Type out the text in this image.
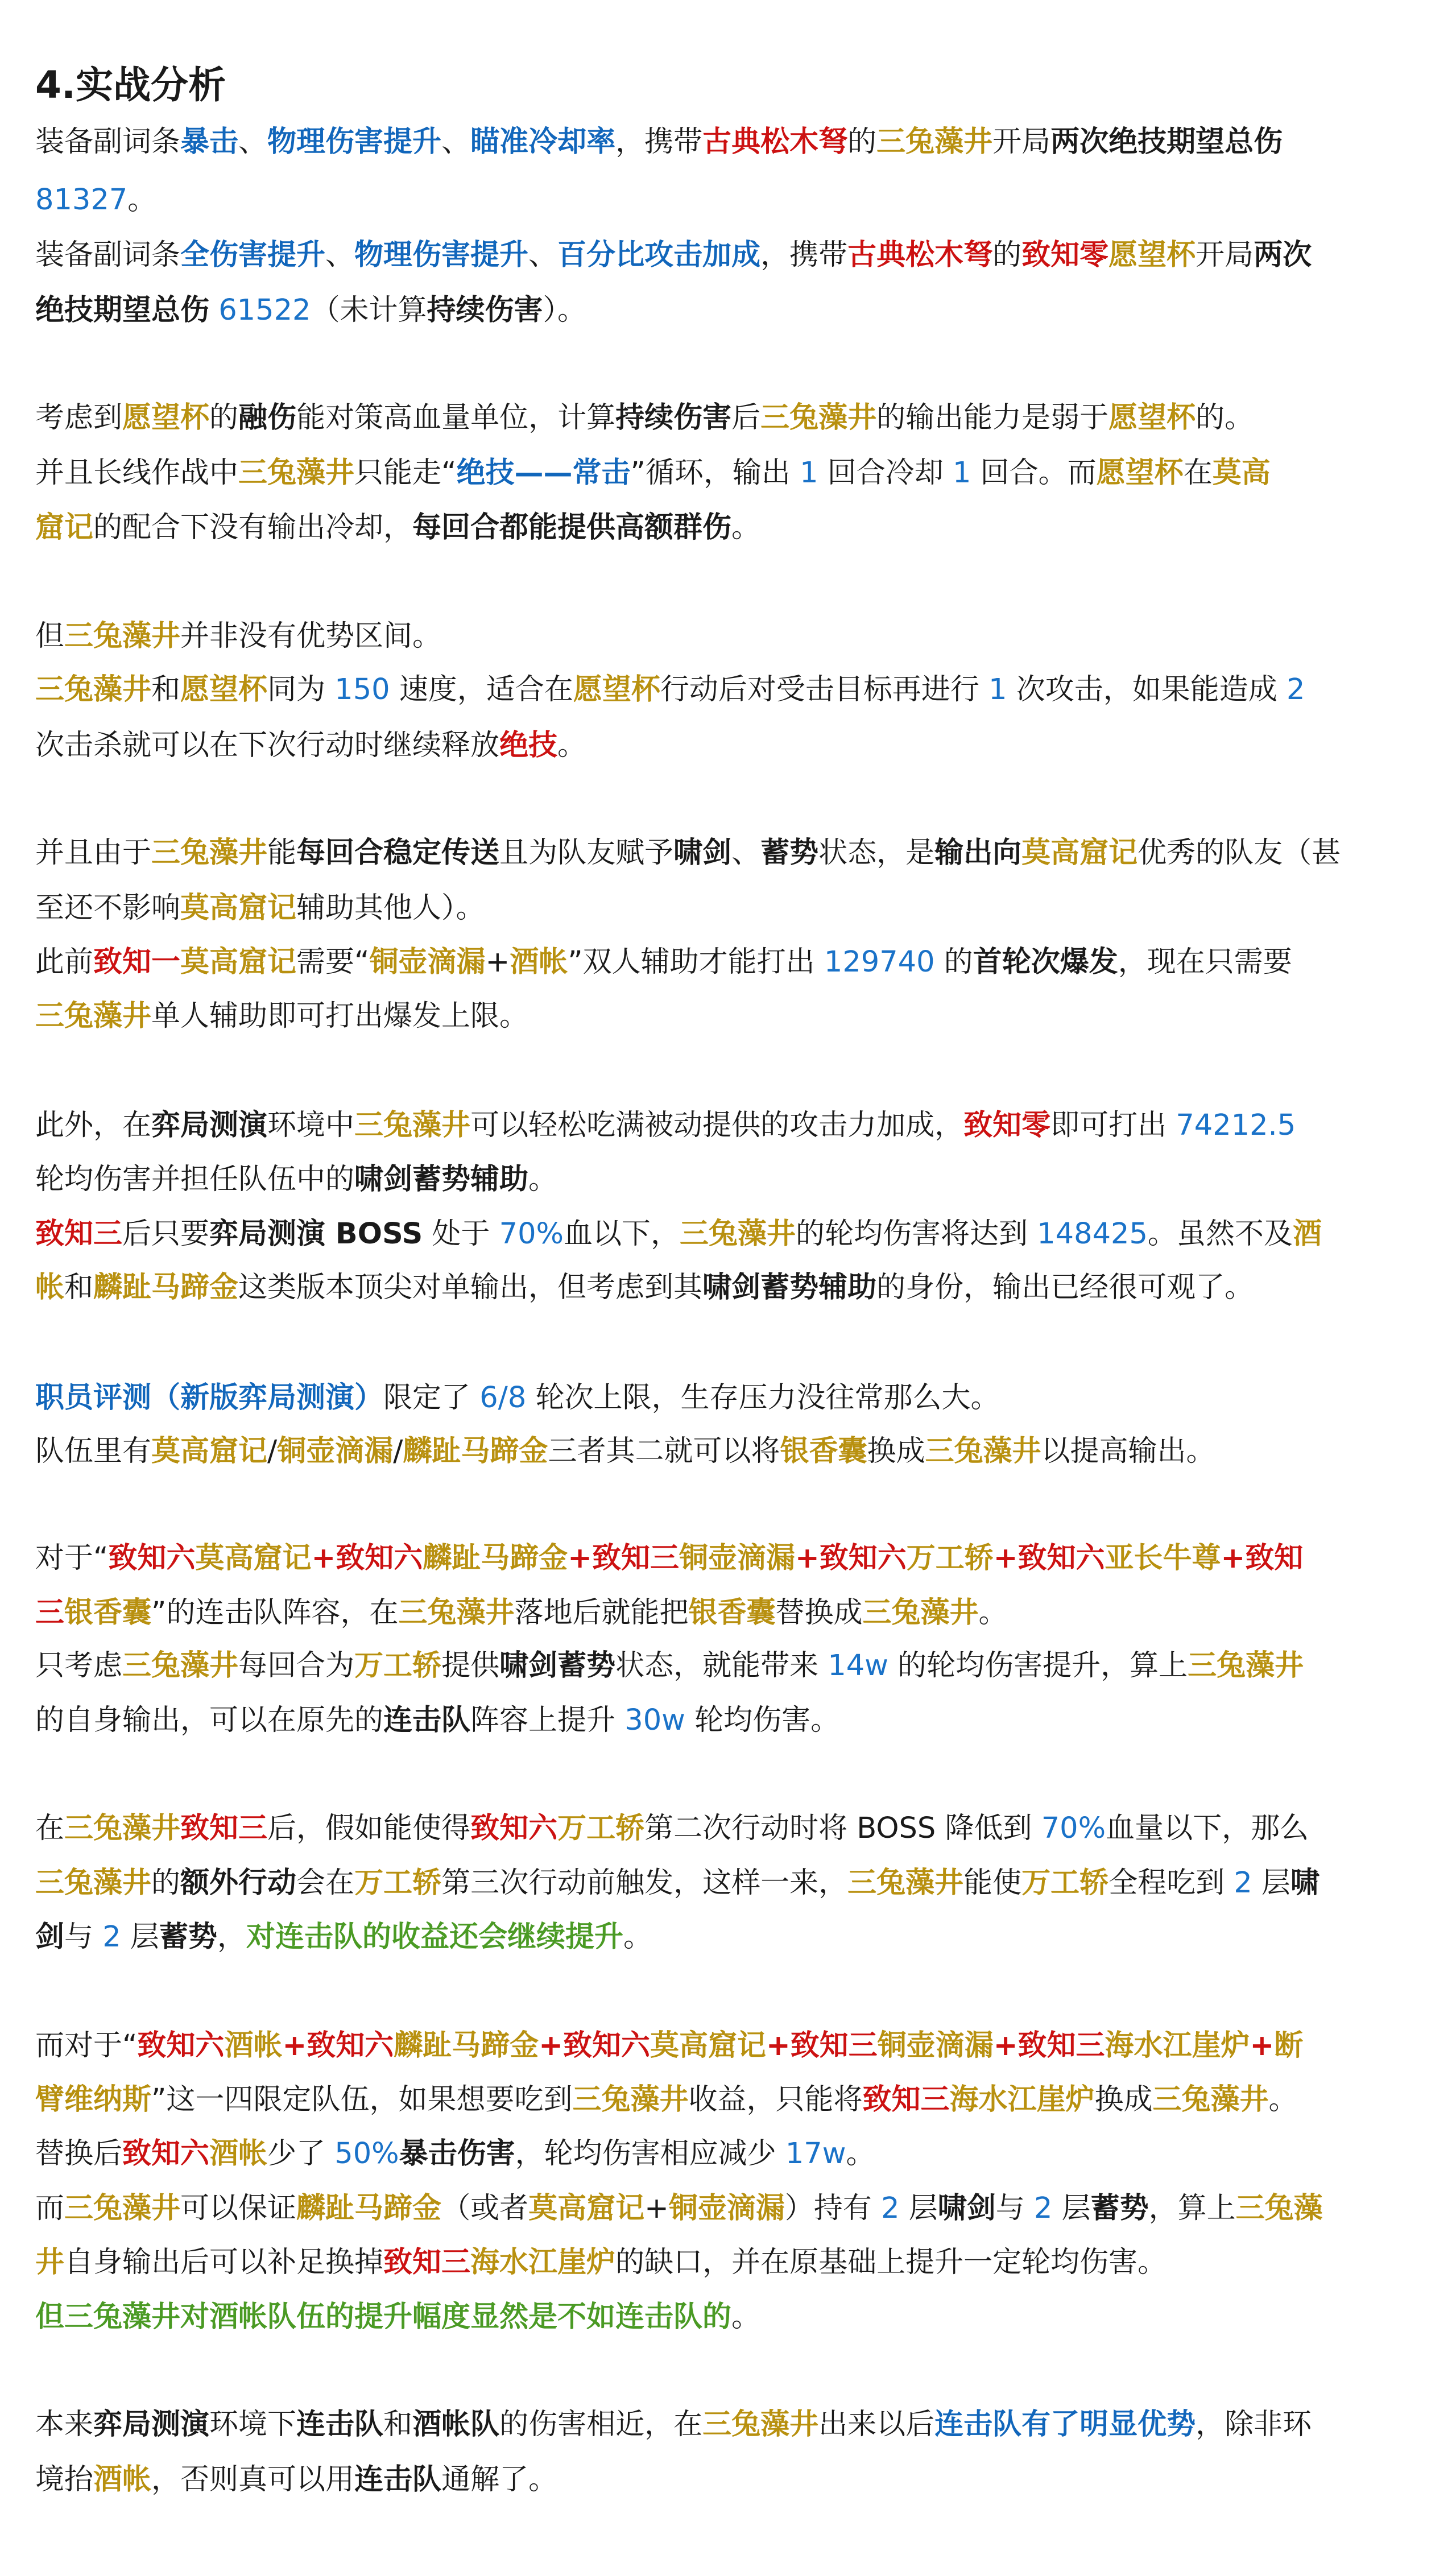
4.实战分析

装备副词条暴击、物理伤害提升、瞄准冷却率，携带古典松木弩的三兔藻井开局两次绝技期望总伤

81327。

装备副词条全伤害提升、物理伤害提升、百分比攻击加成，携带古典松木弩的致知零愿望杯开局两次

绝技期望总伤 61522（未计算持续伤害）。

考虑到愿望杯的融伤能对策高血量单位，计算持续伤害后三兔藻井的输出能力是弱于愿望杯的。

并且长线作战中三兔藻井只能走“绝技——常击”循环，输出 1 回合冷却 1 回合。而愿望杯在莫高

窟记的配合下没有输出冷却，每回合都能提供高额群伤。

但三兔藻井并非没有优势区间。

三兔藻井和愿望杯同为 150 速度，适合在愿望杯行动后对受击目标再进行 1 次攻击，如果能造成 2

次击杀就可以在下次行动时继续释放绝技。

并且由于三兔藻井能每回合稳定传送且为队友赋予啸剑、蓄势状态，是输出向莫高窟记优秀的队友（甚

至还不影响莫高窟记辅助其他人）。

此前致知一莫高窟记需要“铜壶滴漏+酒帐”双人辅助才能打出 129740 的首轮次爆发，现在只需要

三兔藻井单人辅助即可打出爆发上限。

此外，在弈局测演环境中三兔藻井可以轻松吃满被动提供的攻击力加成，致知零即可打出 74212.5

轮均伤害并担任队伍中的啸剑蓄势辅助。

致知三后只要弈局测演 BOSS 处于 70%血以下，三兔藻井的轮均伤害将达到 148425。虽然不及酒

帐和麟趾马蹄金这类版本顶尖对单输出，但考虑到其啸剑蓄势辅助的身份，输出已经很可观了。

职员评测（新版弈局测演）限定了 6/8 轮次上限，生存压力没往常那么大。

队伍里有莫高窟记/铜壶滴漏/麟趾马蹄金三者其二就可以将银香囊换成三兔藻井以提高输出。

对于“致知六莫高窟记+致知六麟趾马蹄金+致知三铜壶滴漏+致知六万工轿+致知六亚长牛尊+致知

三银香囊”的连击队阵容，在三兔藻井落地后就能把银香囊替换成三兔藻井。

只考虑三兔藻井每回合为万工轿提供啸剑蓄势状态，就能带来 14w 的轮均伤害提升，算上三兔藻井

的自身输出，可以在原先的连击队阵容上提升 30w 轮均伤害。

在三兔藻井致知三后，假如能使得致知六万工轿第二次行动时将 BOSS 降低到 70%血量以下，那么

三兔藻井的额外行动会在万工轿第三次行动前触发，这样一来，三兔藻井能使万工轿全程吃到 2 层啸

剑与 2 层蓄势，对连击队的收益还会继续提升。

而对于“致知六酒帐+致知六麟趾马蹄金+致知六莫高窟记+致知三铜壶滴漏+致知三海水江崖炉+断

臂维纳斯”这一四限定队伍，如果想要吃到三兔藻井收益，只能将致知三海水江崖炉换成三兔藻井。

替换后致知六酒帐少了 50%暴击伤害，轮均伤害相应减少 17w。

而三兔藻井可以保证麟趾马蹄金（或者莫高窟记+铜壶滴漏）持有 2 层啸剑与 2 层蓄势，算上三兔藻

井自身输出后可以补足换掉致知三海水江崖炉的缺口，并在原基础上提升一定轮均伤害。

但三兔藻井对酒帐队伍的提升幅度显然是不如连击队的。

本来弈局测演环境下连击队和酒帐队的伤害相近，在三兔藻井出来以后连击队有了明显优势，除非环

境抬酒帐，否则真可以用连击队通解了。
